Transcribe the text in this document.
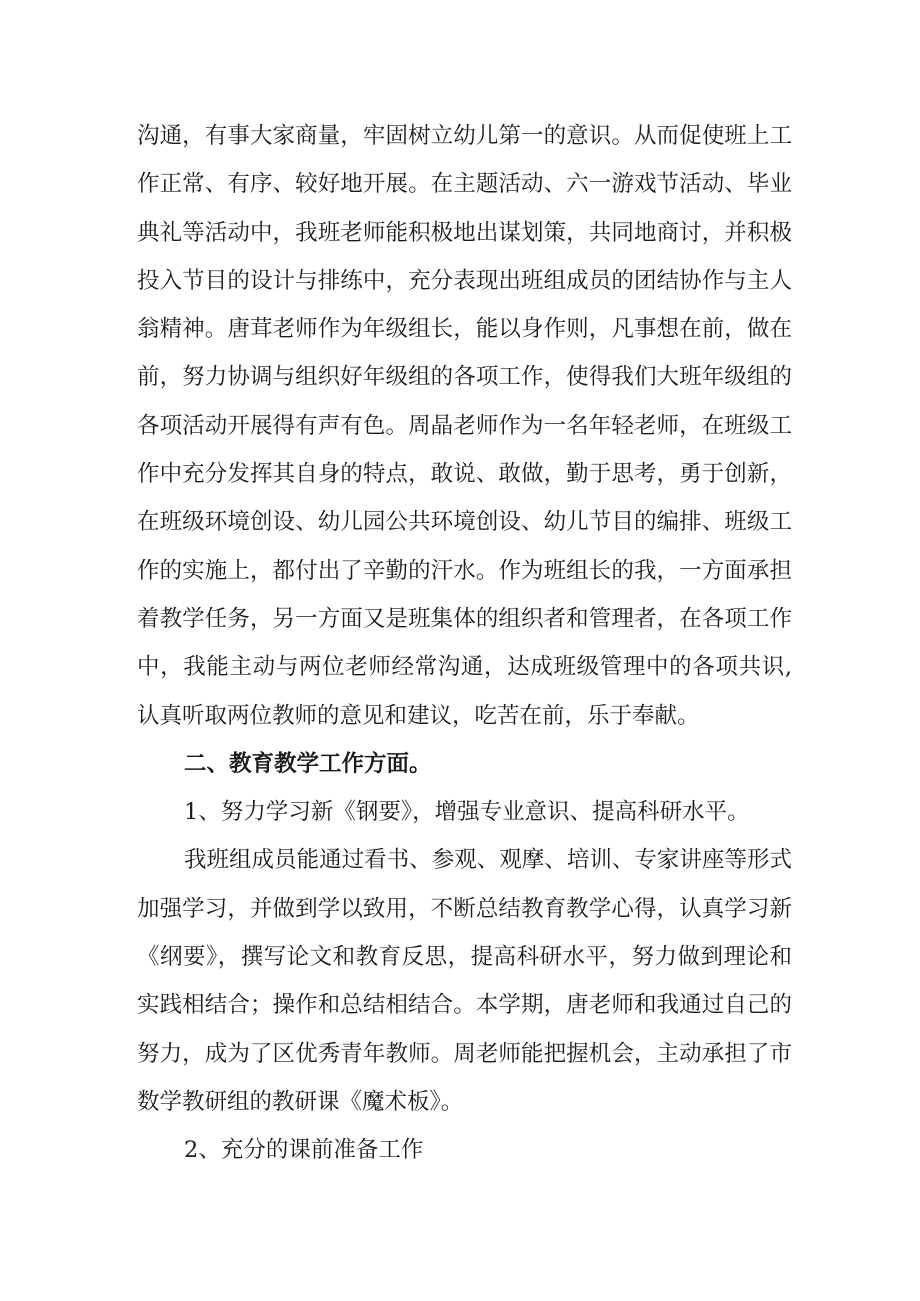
沟通，有事大家商量，牢固树立幼儿第一的意识。从而促使班上工作正常、有序、较好地开展。在主题活动、六一游戏节活动、毕业典礼等活动中，我班老师能积极地出谋划策，共同地商讨，并积极投入节目的设计与排练中，充分表现出班组成员的团结协作与主人翁精神。唐茸老师作为年级组长，能以身作则，凡事想在前，做在前，努力协调与组织好年级组的各项工作，使得我们大班年级组的各项活动开展得有声有色。周晶老师作为一名年轻老师，在班级工作中充分发挥其自身的特点，敢说、敢做，勤于思考，勇于创新，在班级环境创设、幼儿园公共环境创设、幼儿节目的编排、班级工作的实施上，都付出了辛勤的汗水。作为班组长的我，一方面承担着教学任务，另一方面又是班集体的组织者和管理者，在各项工作中，我能主动与两位老师经常沟通，达成班级管理中的各项共识,认真听取两位教师的意见和建议，吃苦在前，乐于奉献。

二、教育教学工作方面。

1、努力学习新《钢要》，增强专业意识、提高科研水平。

我班组成员能通过看书、参观、观摩、培训、专家讲座等形式加强学习，并做到学以致用，不断总结教育教学心得，认真学习新《纲要》，撰写论文和教育反思，提高科研水平，努力做到理论和实践相结合；操作和总结相结合。本学期，唐老师和我通过自己的努力，成为了区优秀青年教师。周老师能把握机会，主动承担了市数学教研组的教研课《魔术板》。

2、充分的课前准备工作
